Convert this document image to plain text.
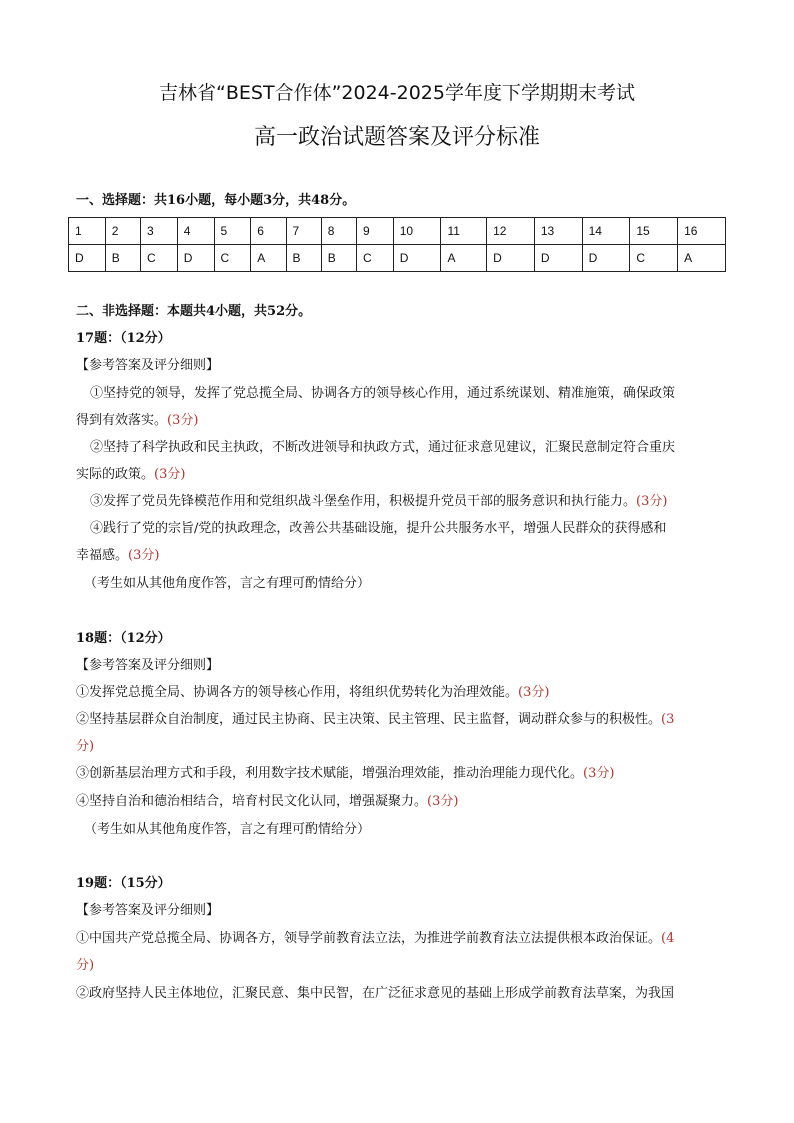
吉林省“BEST合作体”2024-2025学年度下学期期末考试
高一政治试题答案及评分标准
一、选择题：共16小题，每小题3分，共48分。
1	2	3	4	5	6	7	8	9	10	11	12	13	14	15	16
D	B	C	D	C	A	B	B	C	D	A	D	D	D	C	A
二、非选择题：本题共4小题，共52分。
17题：（12分）
【参考答案及评分细则】
①坚持党的领导，发挥了党总揽全局、协调各方的领导核心作用，通过系统谋划、精准施策，确保政策
得到有效落实。(3分)
②坚持了科学执政和民主执政，不断改进领导和执政方式，通过征求意见建议，汇聚民意制定符合重庆
实际的政策。(3分)
③发挥了党员先锋模范作用和党组织战斗堡垒作用，积极提升党员干部的服务意识和执行能力。(3分)
④践行了党的宗旨/党的执政理念，改善公共基础设施，提升公共服务水平，增强人民群众的获得感和
幸福感。(3分)
（考生如从其他角度作答，言之有理可酌情给分）
18题：（12分）
【参考答案及评分细则】
①发挥党总揽全局、协调各方的领导核心作用，将组织优势转化为治理效能。(3分)
②坚持基层群众自治制度，通过民主协商、民主决策、民主管理、民主监督，调动群众参与的积极性。(3
分)
③创新基层治理方式和手段，利用数字技术赋能，增强治理效能，推动治理能力现代化。(3分)
④坚持自治和德治相结合，培育村民文化认同，增强凝聚力。(3分)
（考生如从其他角度作答，言之有理可酌情给分）
19题：（15分）
【参考答案及评分细则】
①中国共产党总揽全局、协调各方，领导学前教育法立法，为推进学前教育法立法提供根本政治保证。(4
分)
②政府坚持人民主体地位，汇聚民意、集中民智，在广泛征求意见的基础上形成学前教育法草案，为我国
